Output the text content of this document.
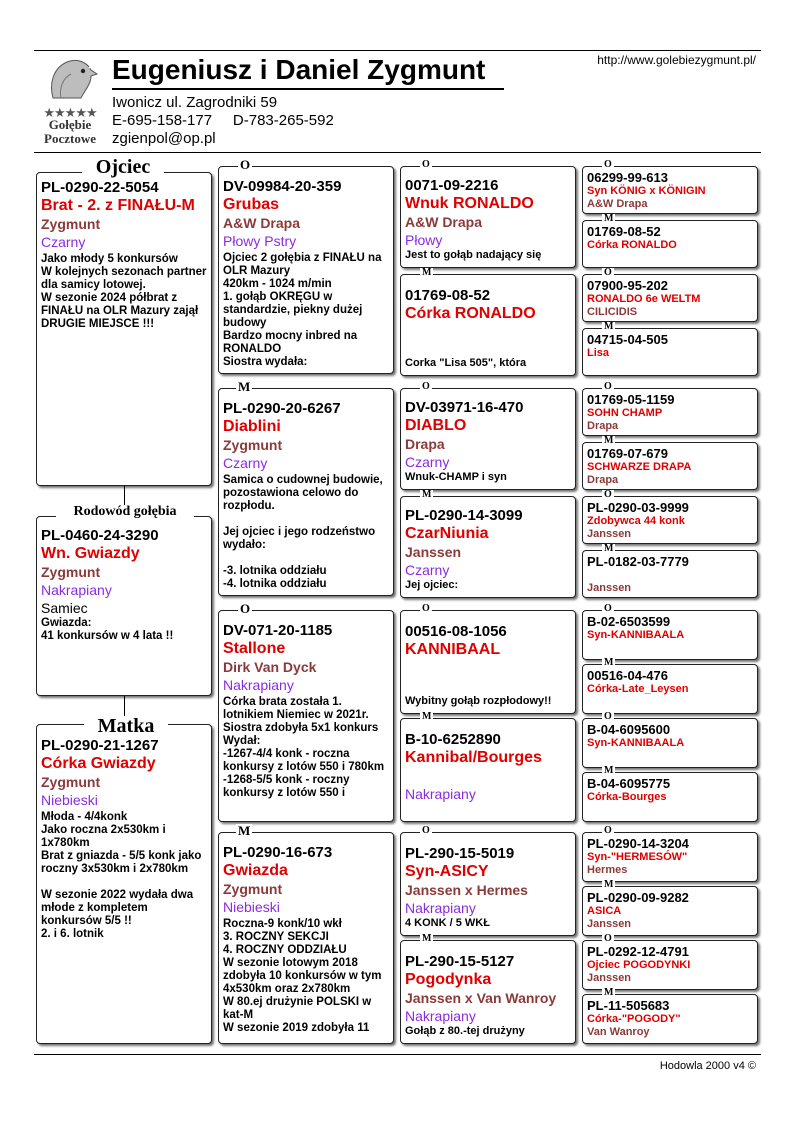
★★★★★
Gołębie
Pocztowe
Eugeniusz i Daniel Zygmunt
Iwonicz ul. Zagrodniki 59
E-695-158-177 D-783-265-592
zgienpol@op.pl
http://www.golebiezygmunt.pl/
PL-0290-22-5054
Brat - 2. z FINAŁU-M
Zygmunt
Czarny
Jako młody 5 konkursów
W kolejnych sezonach partner dla samicy lotowej.
W sezonie 2024 półbrat z FINAŁU na OLR Mazury zajął DRUGIE MIEJSCE !!!
Ojciec
PL-0460-24-3290
Wn. Gwiazdy
Zygmunt
Nakrapiany
Samiec
Gwiazda:
41 konkursów w 4 lata !!
Rodowód gołębia
PL-0290-21-1267
Córka Gwiazdy
Zygmunt
Niebieski
Młoda - 4/4konk
Jako roczna 2x530km i 1x780km
Brat z gniazda - 5/5 konk jako roczny 3x530km i 2x780km

W sezonie 2022 wydała dwa młode z kompletem konkursów 5/5 !!
2. i 6. lotnik
Matka
DV-09984-20-359
Grubas
A&W Drapa
Płowy Pstry
Ojciec 2 gołębia z FINAŁU na OLR Mazury
420km - 1024 m/min
1. gołąb OKRĘGU w standardzie, piekny dużej budowy
Bardzo mocny inbred na RONALDO
Siostra wydała:
O
PL-0290-20-6267
Diablini
Zygmunt
Czarny
Samica o cudownej budowie, pozostawiona celowo do rozpłodu.

Jej ojciec i jego rodzeństwo wydało:

-3. lotnika oddziału
-4. lotnika oddziału
M
DV-071-20-1185
Stallone
Dirk Van Dyck
Nakrapiany
Córka brata została 1. lotnikiem Niemiec w 2021r.
Siostra zdobyła 5x1 konkurs
Wydał:
-1267-4/4 konk - roczna konkursy z lotów 550 i 780km
-1268-5/5 konk - roczny konkursy z lotów 550 i
O
PL-0290-16-673
Gwiazda
Zygmunt
Niebieski
Roczna-9 konk/10 wkł
3. ROCZNY SEKCJI
4. ROCZNY ODDZIAŁU
W sezonie lotowym 2018 zdobyła 10 konkursów w tym 4x530km oraz 2x780km
W 80.ej drużynie POLSKI w kat-M
W sezonie 2019 zdobyła 11
M
0071-09-2216
Wnuk RONALDO
A&W Drapa
Płowy
Jest to gołąb nadający się
O
01769-08-52
Córka RONALDO
Corka "Lisa 505", która
M
DV-03971-16-470
DIABLO
Drapa
Czarny
Wnuk-CHAMP i syn
O
PL-0290-14-3099
CzarNiunia
Janssen
Czarny
Jej ojciec:
M
00516-08-1056
KANNIBAAL
Wybitny gołąb rozpłodowy!!
O
B-10-6252890
Kannibal/Bourges
Nakrapiany
M
PL-290-15-5019
Syn-ASICY
Janssen x Hermes
Nakrapiany
4 KONK / 5 WKŁ
O
PL-290-15-5127
Pogodynka
Janssen x Van Wanroy
Nakrapiany
Gołąb z 80.-tej drużyny
M
06299-99-613
Syn KÖNIG x KÖNIGIN
A&W Drapa
O
01769-08-52
Córka RONALDO
M
07900-95-202
RONALDO 6e WELTM
CILICIDIS
O
04715-04-505
Lisa
M
01769-05-1159
SOHN CHAMP
Drapa
O
01769-07-679
SCHWARZE DRAPA
Drapa
M
PL-0290-03-9999
Zdobywca 44 konk
Janssen
O
PL-0182-03-7779
Janssen
M
B-02-6503599
Syn-KANNIBAALA
O
00516-04-476
Córka-Late_Leysen
M
B-04-6095600
Syn-KANNIBAALA
O
B-04-6095775
Córka-Bourges
M
PL-0290-14-3204
Syn-"HERMESÓW"
Hermes
O
PL-0290-09-9282
ASICA
Janssen
M
PL-0292-12-4791
Ojciec POGODYNKI
Janssen
O
PL-11-505683
Córka-"POGODY"
Van Wanroy
M
Hodowla 2000 v4 ©
